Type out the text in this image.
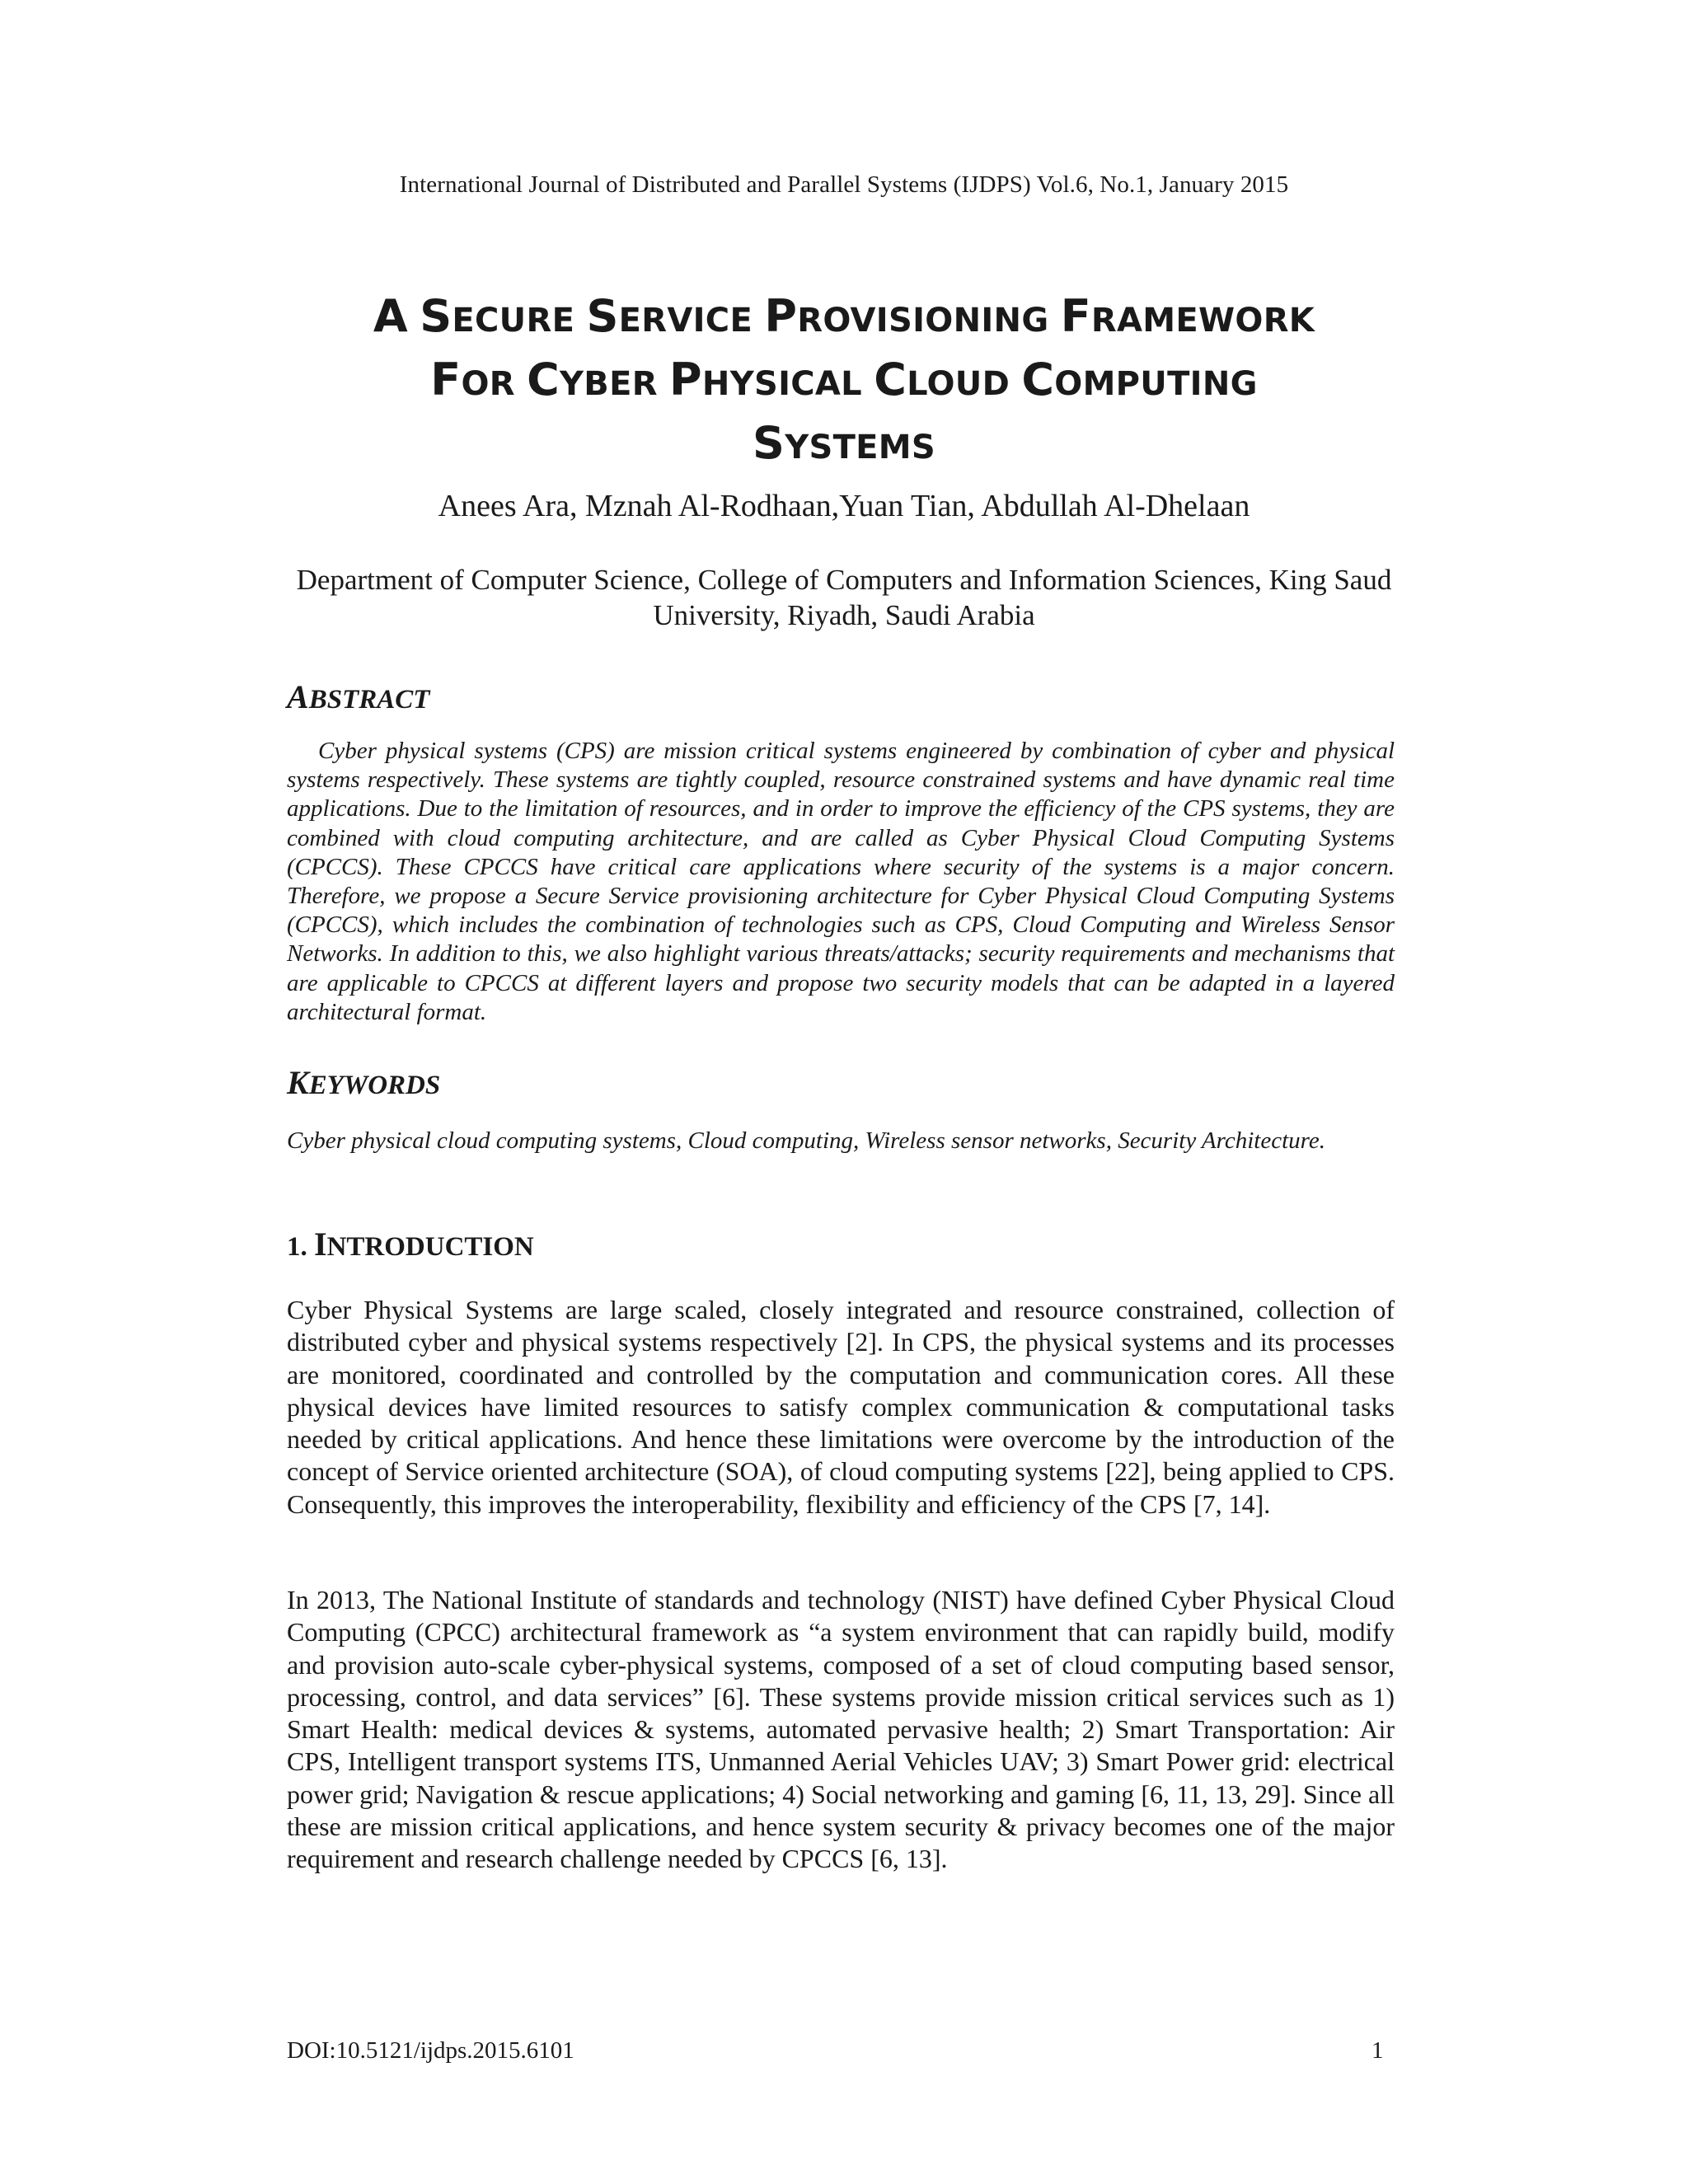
International Journal of Distributed and Parallel Systems (IJDPS) Vol.6, No.1, January 2015
A SECURE SERVICE PROVISIONING FRAMEWORK
FOR CYBER PHYSICAL CLOUD COMPUTING
SYSTEMS
Anees Ara, Mznah Al-Rodhaan,Yuan Tian, Abdullah Al-Dhelaan
Department of Computer Science, College of Computers and Information Sciences, King Saud University, Riyadh, Saudi Arabia
ABSTRACT

Cyber physical systems (CPS) are mission critical systems engineered by combination of cyber and physical systems respectively. These systems are tightly coupled, resource constrained systems and have dynamic real time applications. Due to the limitation of resources, and in order to improve the efficiency of the CPS systems, they are combined with cloud computing architecture, and are called as Cyber Physical Cloud Computing Systems (CPCCS). These CPCCS have critical care applications where security of the systems is a major concern. Therefore, we propose a Secure Service provisioning architecture for Cyber Physical Cloud Computing Systems (CPCCS), which includes the combination of technologies such as CPS, Cloud Computing and Wireless Sensor Networks. In addition to this, we also highlight various threats/attacks; security requirements and mechanisms that are applicable to CPCCS at different layers and propose two security models that can be adapted in a layered architectural format.

KEYWORDS

Cyber physical cloud computing systems, Cloud computing, Wireless sensor networks, Security Architecture.

1. INTRODUCTION

Cyber Physical Systems are large scaled, closely integrated and resource constrained, collection of distributed cyber and physical systems respectively [2]. In CPS, the physical systems and its processes are monitored, coordinated and controlled by the computation and communication cores. All these physical devices have limited resources to satisfy complex communication & computational tasks needed by critical applications. And hence these limitations were overcome by the introduction of the concept of Service oriented architecture (SOA), of cloud computing systems [22], being applied to CPS. Consequently, this improves the interoperability, flexibility and efficiency of the CPS [7, 14].

In 2013, The National Institute of standards and technology (NIST) have defined Cyber Physical Cloud Computing (CPCC) architectural framework as “a system environment that can rapidly build, modify and provision auto-scale cyber-physical systems, composed of a set of cloud computing based sensor, processing, control, and data services” [6]. These systems provide mission critical services such as 1) Smart Health: medical devices & systems, automated pervasive health; 2) Smart Transportation: Air CPS, Intelligent transport systems ITS, Unmanned Aerial Vehicles UAV; 3) Smart Power grid: electrical power grid; Navigation & rescue applications; 4) Social networking and gaming [6, 11, 13, 29]. Since all these are mission critical applications, and hence system security & privacy becomes one of the major requirement and research challenge needed by CPCCS [6, 13].

DOI:10.5121/ijdps.2015.6101	1
